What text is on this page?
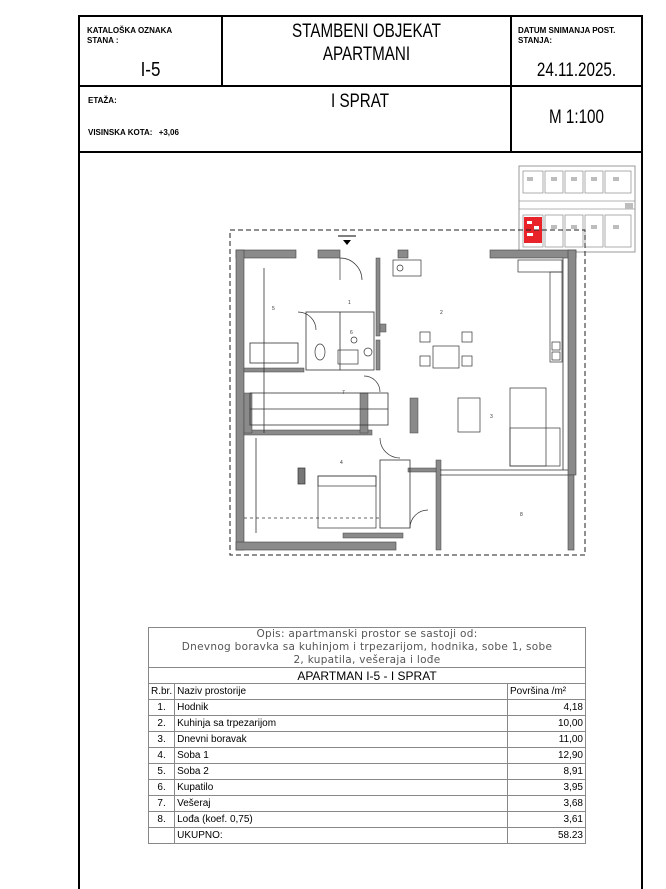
KATALOŠKA OZNAKA
STANA :
I-5
STAMBENI OBJEKAT
APARTMANI
DATUM SNIMANJA POST.
STANJA:
24.11.2025.
ETAŽA:	I SPRAT
VISINSKA KOTA: +3,06
M 1:100
1
2
3
4
5
6
7
8
Opis: apartmanski prostor se sastoji od:
Dnevnog boravka sa kuhinjom i trpezarijom, hodnika, sobe 1, sobe
2, kupatila, vešeraja i lođe		

APARTMAN I-5 - I SPRAT		
R.br.	Naziv prostorije	Površina /m²
1.	Hodnik	4,18
2.	Kuhinja sa trpezarijom	10,00
3.	Dnevni boravak	11,00
4.	Soba 1	12,90
5.	Soba 2	8,91
6.	Kupatilo	3,95
7.	Vešeraj	3,68
8.	Lođa (koef. 0,75)	3,61
	UKUPNO:	58.23
